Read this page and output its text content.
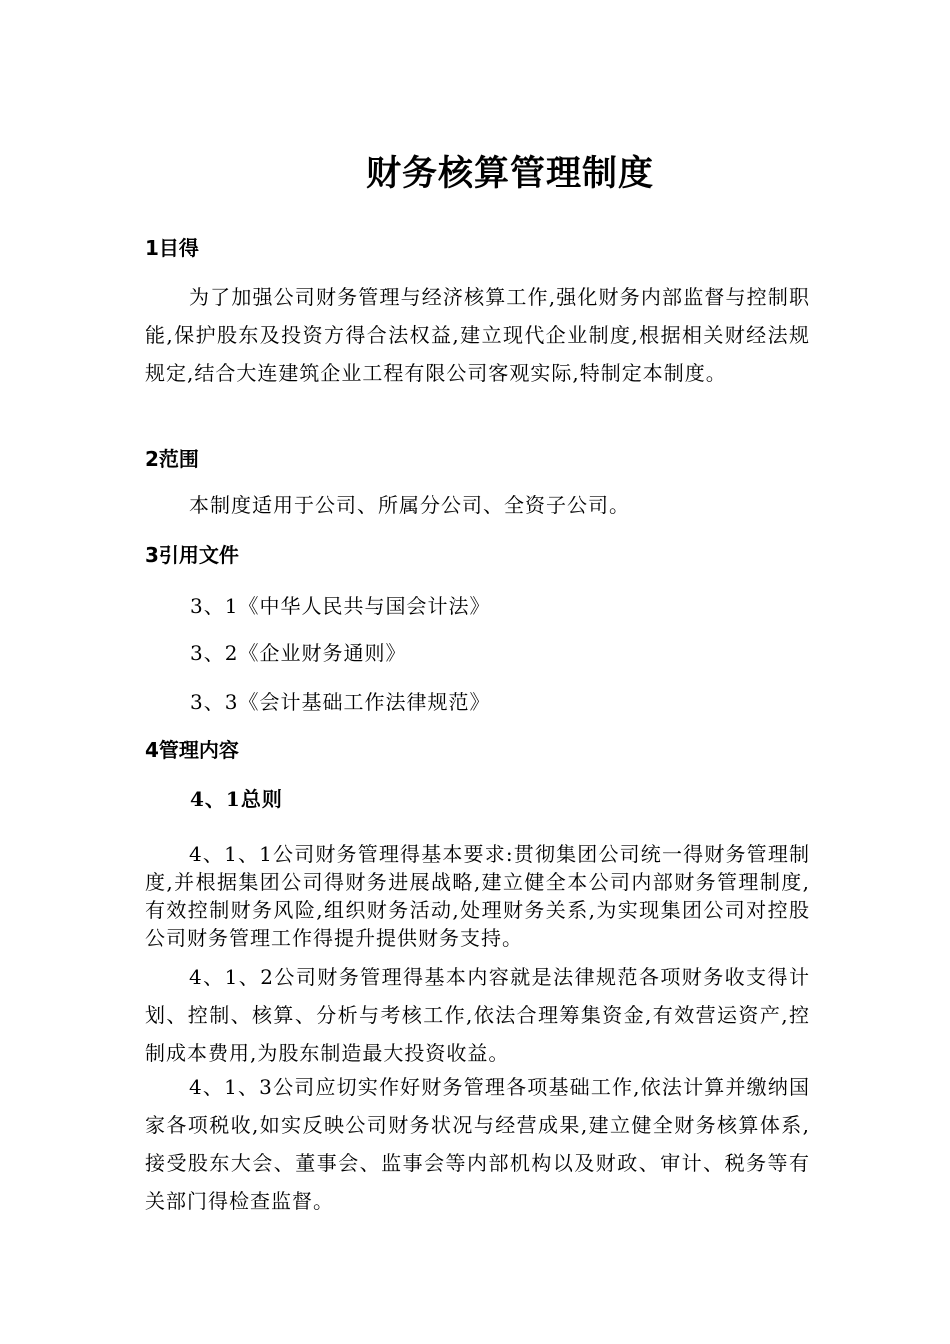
财务核算管理制度
1目得

为了加强公司财务管理与经济核算工作,强化财务内部监督与控制职能,保护股东及投资方得合法权益,建立现代企业制度,根据相关财经法规规定,结合大连建筑企业工程有限公司客观实际,特制定本制度。

2范围

本制度适用于公司、所属分公司、全资子公司。

3引用文件
3、1《中华人民共与国会计法》
3、2《企业财务通则》
3、3《会计基础工作法律规范》
4管理内容
4、1总则

4、1、1公司财务管理得基本要求:贯彻集团公司统一得财务管理制度,并根据集团公司得财务进展战略,建立健全本公司内部财务管理制度,有效控制财务风险,组织财务活动,处理财务关系,为实现集团公司对控股公司财务管理工作得提升提供财务支持。

4、1、2公司财务管理得基本内容就是法律规范各项财务收支得计划、控制、核算、分析与考核工作,依法合理筹集资金,有效营运资产,控制成本费用,为股东制造最大投资收益。

4、1、3公司应切实作好财务管理各项基础工作,依法计算并缴纳国家各项税收,如实反映公司财务状况与经营成果,建立健全财务核算体系,接受股东大会、董事会、监事会等内部机构以及财政、审计、税务等有关部门得检查监督。
